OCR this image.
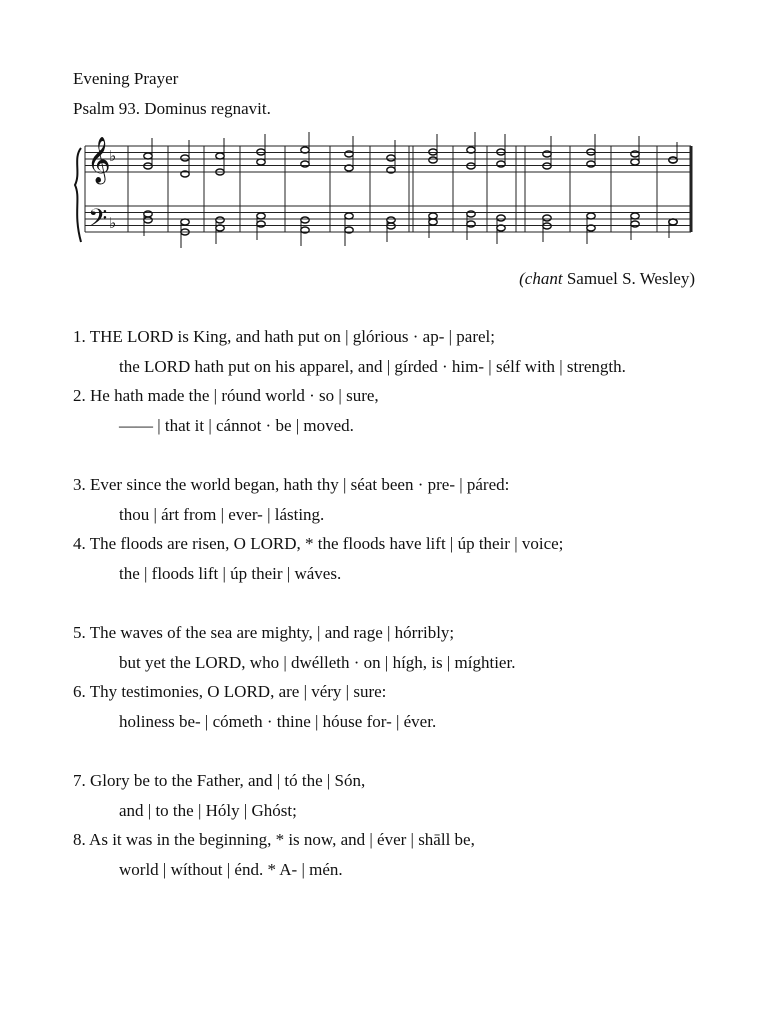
Evening Prayer
Psalm 93. Dominus regnavit.
𝄞
𝄢
♭
♭
(chant Samuel S. Wesley)
1. THE LORD is King, and hath put on | glórious · ap- | parel;
the LORD hath put on his apparel, and | gírded · him- | sélf with | strength.
2. He hath made the | róund world · so | sure,
—— | that it | cánnot · be | moved.
3. Ever since the world began, hath thy | séat been · pre- | páred:
thou | árt from | ever- | lásting.
4. The floods are risen, O LORD, * the floods have lift | úp their | voice;
the | floods lift | úp their | wáves.
5. The waves of the sea are mighty, | and rage | hórribly;
but yet the LORD, who | dwélleth · on | hígh, is | míghtier.
6. Thy testimonies, O LORD, are | véry | sure:
holiness be- | cómeth · thine | hóuse for- | éver.
7. Glory be to the Father, and | tó the | Són,
and | to the | Hóly | Ghóst;
8. As it was in the beginning, * is now, and | éver | shāll be,
world | wíthout | énd. * A- | mén.
